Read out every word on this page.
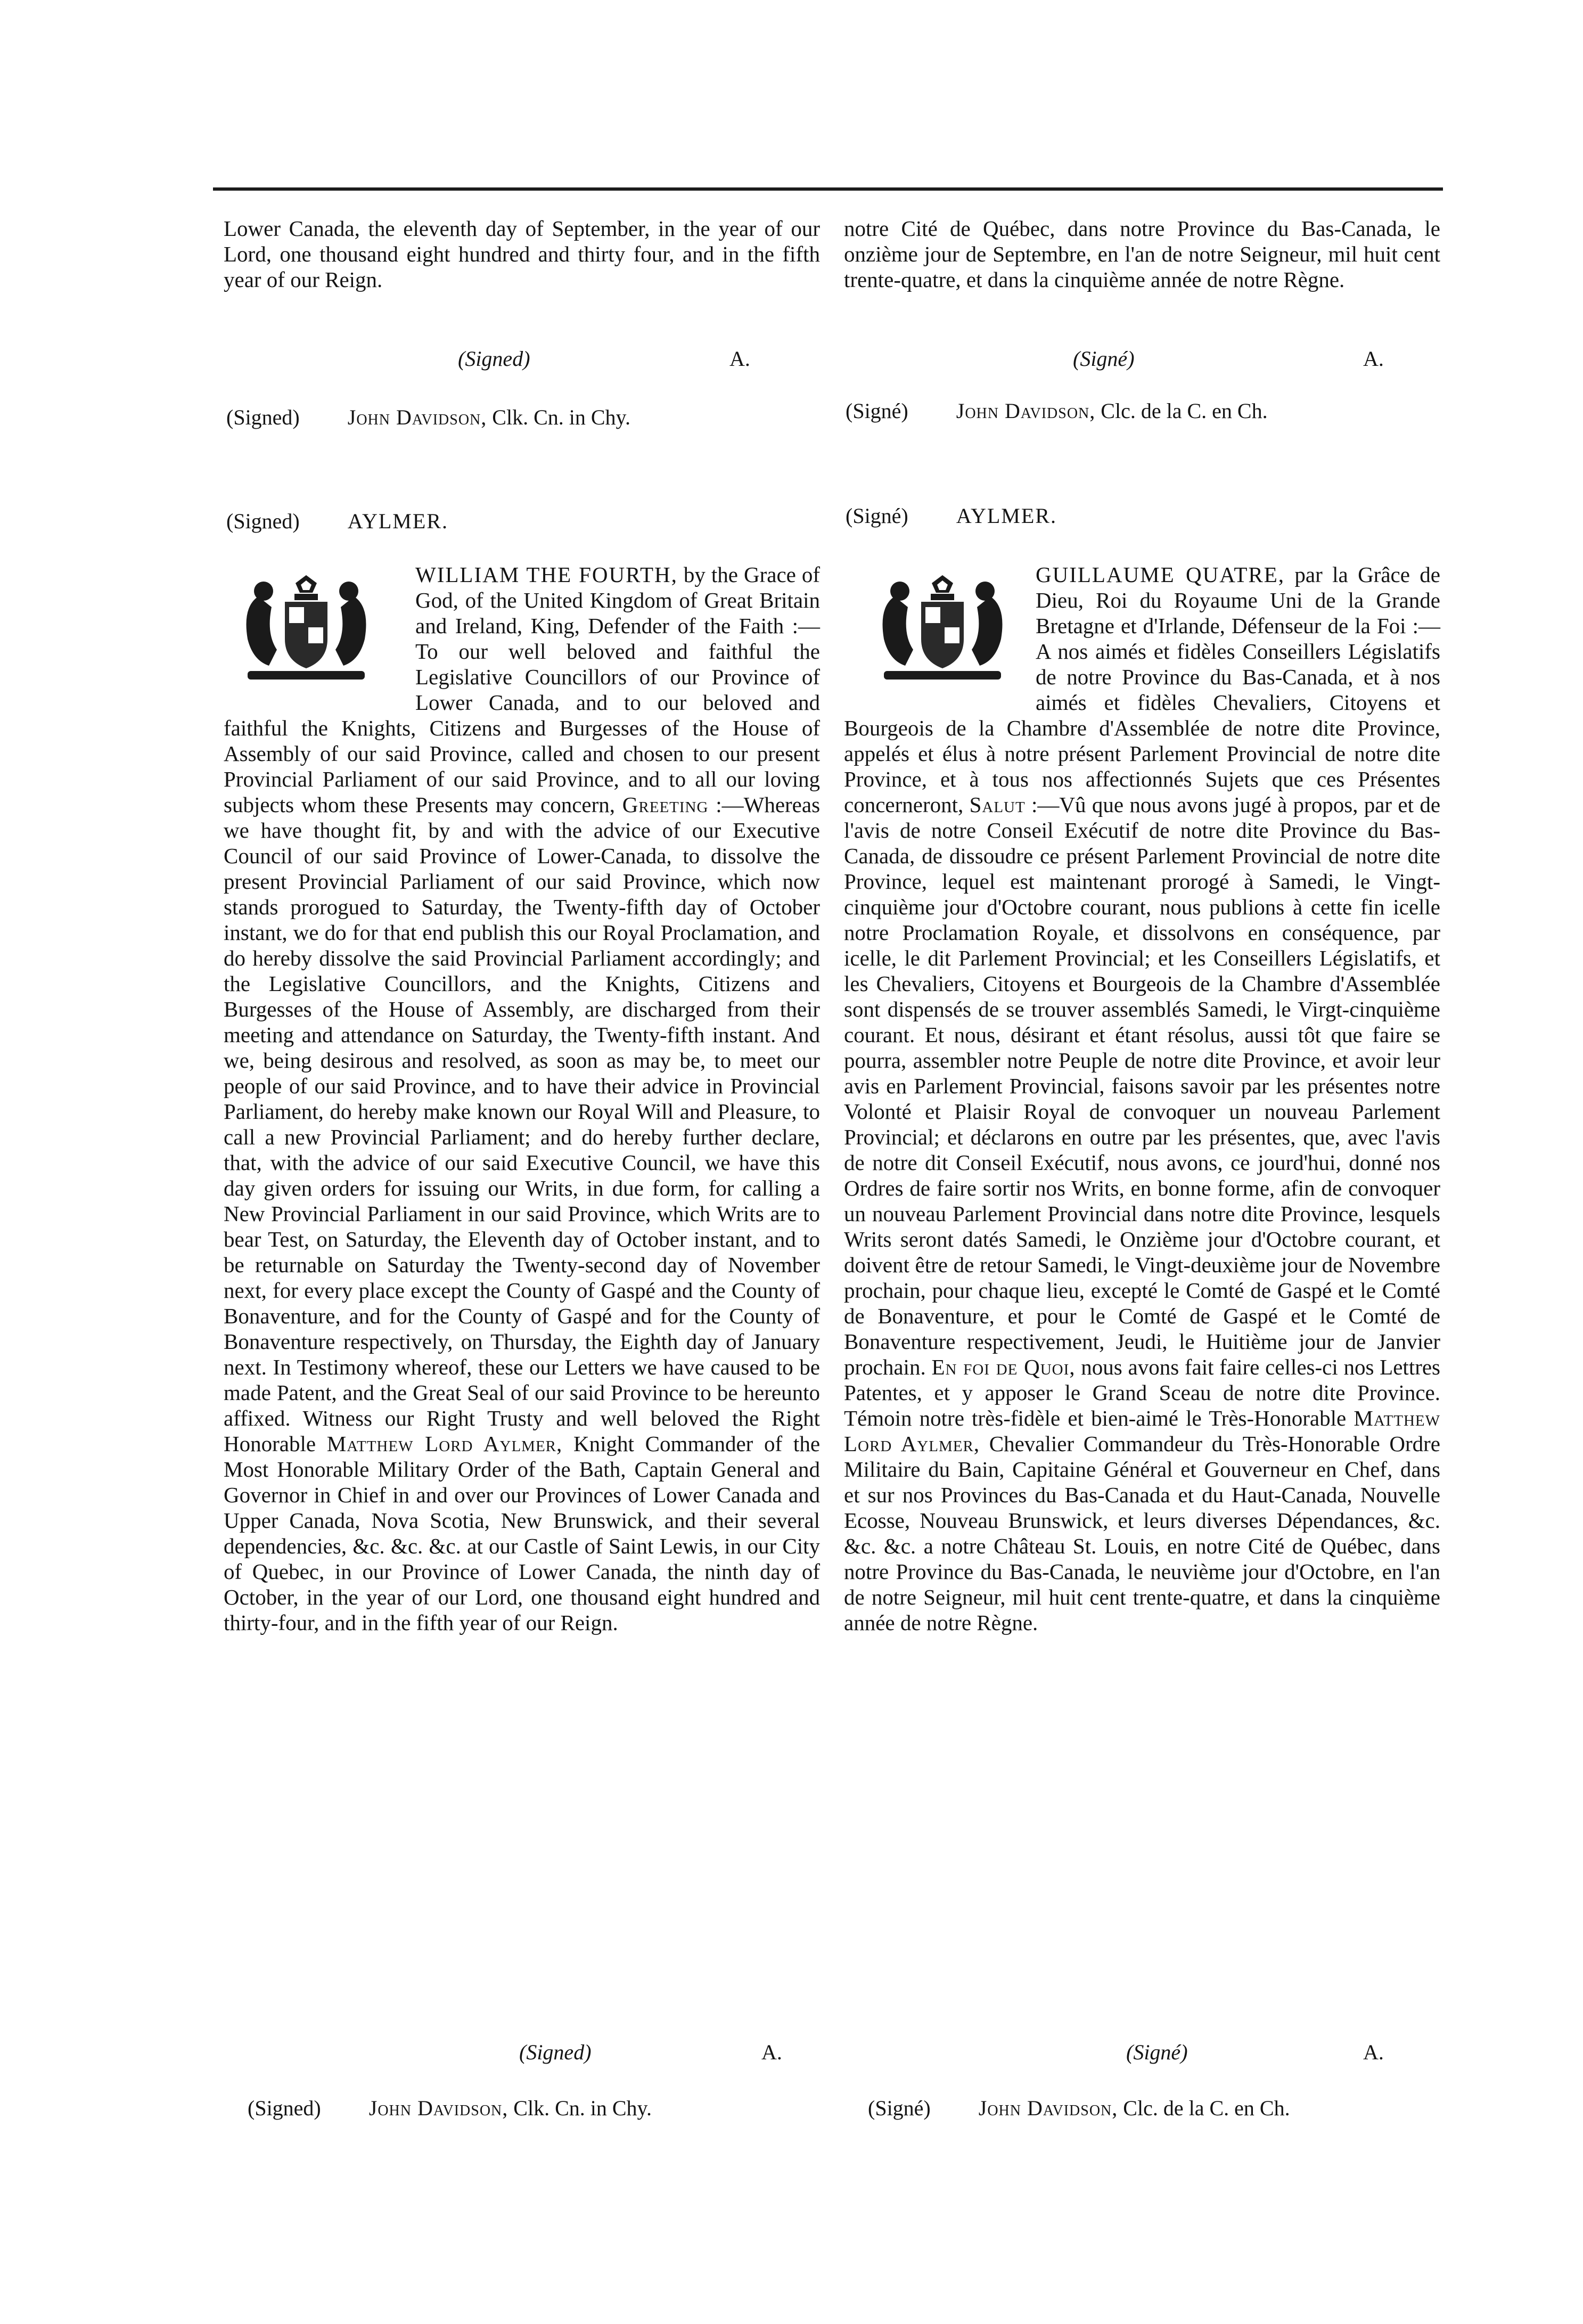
Lower Canada, the eleventh day of September, in the year of our Lord, one thousand eight hundred and thirty four, and in the fifth year of our Reign.

(Signed)	A.
(Signed) John Davidson, Clk. Cn. in Chy.
(Signed) AYLMER.

WILLIAM THE FOURTH, by the Grace of God, of the United Kingdom of Great Britain and Ireland, King, Defender of the Faith :—To our well beloved and faithful the Legislative Councillors of our Province of Lower Canada, and to our beloved and faithful the Knights, Citizens and Burgesses of the House of Assembly of our said Province, called and chosen to our present Provincial Parliament of our said Province, and to all our loving subjects whom these Presents may concern, Greeting :—Whereas we have thought fit, by and with the advice of our Executive Council of our said Province of Lower-Canada, to dissolve the present Provincial Parliament of our said Province, which now stands prorogued to Saturday, the Twenty-fifth day of October instant, we do for that end publish this our Royal Proclamation, and do hereby dissolve the said Provincial Parliament accordingly; and the Legislative Councillors, and the Knights, Citizens and Burgesses of the House of Assembly, are discharged from their meeting and attendance on Saturday, the Twenty-fifth instant. And we, being desirous and resolved, as soon as may be, to meet our people of our said Province, and to have their advice in Provincial Parliament, do hereby make known our Royal Will and Pleasure, to call a new Provincial Parliament; and do hereby further declare, that, with the advice of our said Executive Council, we have this day given orders for issuing our Writs, in due form, for calling a New Provincial Parliament in our said Province, which Writs are to bear Test, on Saturday, the Eleventh day of October instant, and to be returnable on Saturday the Twenty-second day of November next, for every place except the County of Gaspé and the County of Bonaventure, and for the County of Gaspé and for the County of Bonaventure respectively, on Thursday, the Eighth day of January next. In Testimony whereof, these our Letters we have caused to be made Patent, and the Great Seal of our said Province to be hereunto affixed. Witness our Right Trusty and well beloved the Right Honorable Matthew Lord Aylmer, Knight Commander of the Most Honorable Military Order of the Bath, Captain General and Governor in Chief in and over our Provinces of Lower Canada and Upper Canada, Nova Scotia, New Brunswick, and their several dependencies, &c. &c. &c. at our Castle of Saint Lewis, in our City of Quebec, in our Province of Lower Canada, the ninth day of October, in the year of our Lord, one thousand eight hundred and thirty-four, and in the fifth year of our Reign.

(Signed)	A.
(Signed) John Davidson, Clk. Cn. in Chy.

notre Cité de Québec, dans notre Province du Bas-Canada, le onzième jour de Septembre, en l'an de notre Seigneur, mil huit cent trente-quatre, et dans la cinquième année de notre Règne.

(Signé)	A.
(Signé) John Davidson, Clc. de la C. en Ch.
(Signé) AYLMER.

GUILLAUME QUATRE, par la Grâce de Dieu, Roi du Royaume Uni de la Grande Bretagne et d'Irlande, Défenseur de la Foi :—A nos aimés et fidèles Conseillers Législatifs de notre Province du Bas-Canada, et à nos aimés et fidèles Chevaliers, Citoyens et Bourgeois de la Chambre d'Assemblée de notre dite Province, appelés et élus à notre présent Parlement Provincial de notre dite Province, et à tous nos affectionnés Sujets que ces Présentes concerneront, Salut :—Vû que nous avons jugé à propos, par et de l'avis de notre Conseil Exécutif de notre dite Province du Bas-Canada, de dissoudre ce présent Parlement Provincial de notre dite Province, lequel est maintenant prorogé à Samedi, le Vingt-cinquième jour d'Octobre courant, nous publions à cette fin icelle notre Proclamation Royale, et dissolvons en conséquence, par icelle, le dit Parlement Provincial; et les Conseillers Législatifs, et les Chevaliers, Citoyens et Bourgeois de la Chambre d'Assemblée sont dispensés de se trouver assemblés Samedi, le Virgt-cinquième courant. Et nous, désirant et étant résolus, aussi tôt que faire se pourra, assembler notre Peuple de notre dite Province, et avoir leur avis en Parlement Provincial, faisons savoir par les présentes notre Volonté et Plaisir Royal de convoquer un nouveau Parlement Provincial; et déclarons en outre par les présentes, que, avec l'avis de notre dit Conseil Exécutif, nous avons, ce jourd'hui, donné nos Ordres de faire sortir nos Writs, en bonne forme, afin de convoquer un nouveau Parlement Provincial dans notre dite Province, lesquels Writs seront datés Samedi, le Onzième jour d'Octobre courant, et doivent être de retour Samedi, le Vingt-deuxième jour de Novembre prochain, pour chaque lieu, excepté le Comté de Gaspé et le Comté de Bonaventure, et pour le Comté de Gaspé et le Comté de Bonaventure respectivement, Jeudi, le Huitième jour de Janvier prochain. En foi de Quoi, nous avons fait faire celles-ci nos Lettres Patentes, et y apposer le Grand Sceau de notre dite Province. Témoin notre très-fidèle et bien-aimé le Très-Honorable Matthew Lord Aylmer, Chevalier Commandeur du Très-Honorable Ordre Militaire du Bain, Capitaine Général et Gouverneur en Chef, dans et sur nos Provinces du Bas-Canada et du Haut-Canada, Nouvelle Ecosse, Nouveau Brunswick, et leurs diverses Dépendances, &c. &c. &c. a notre Château St. Louis, en notre Cité de Québec, dans notre Province du Bas-Canada, le neuvième jour d'Octobre, en l'an de notre Seigneur, mil huit cent trente-quatre, et dans la cinquième année de notre Règne.

(Signé)	A.
(Signé) John Davidson, Clc. de la C. en Ch.
